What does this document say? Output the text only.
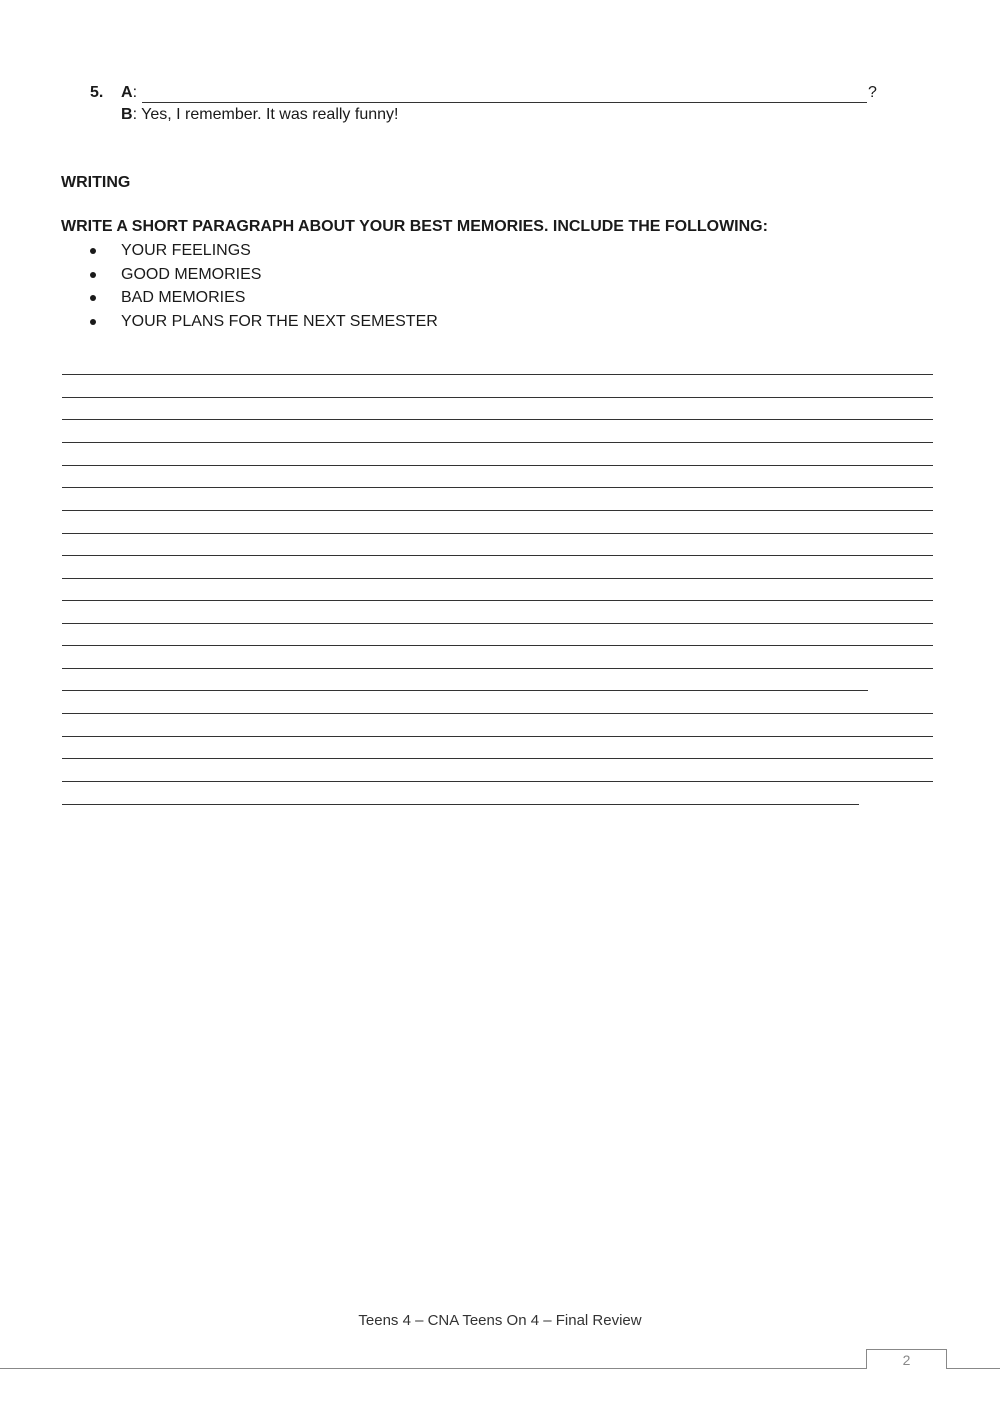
5. A:	?
B: Yes, I remember. It was really funny!
WRITING
WRITE A SHORT PARAGRAPH ABOUT YOUR BEST MEMORIES. INCLUDE THE FOLLOWING:
YOUR FEELINGS
GOOD MEMORIES
BAD MEMORIES
YOUR PLANS FOR THE NEXT SEMESTER
Teens 4 – CNA Teens On 4 – Final Review
2
